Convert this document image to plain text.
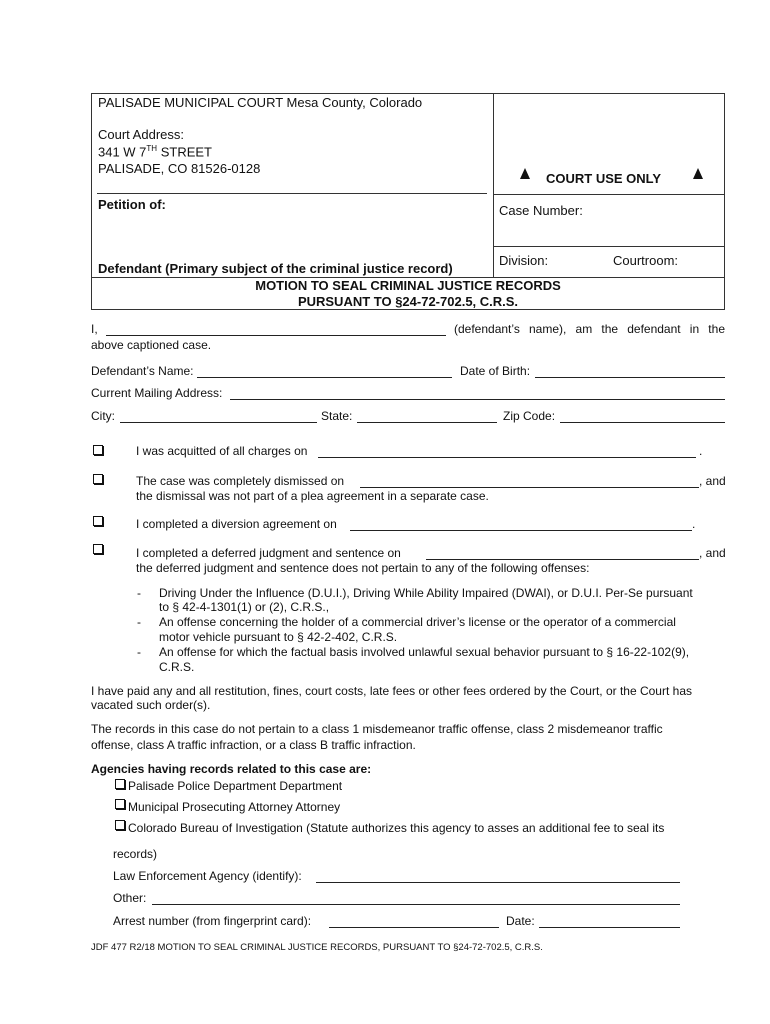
PALISADE MUNICIPAL COURT Mesa County, Colorado
Court Address:
341 W 7TH STREET
PALISADE, CO 81526-0128
Petition of:
Defendant (Primary subject of the criminal justice record)
COURT USE ONLY
Case Number:
Division:	Courtroom:
MOTION TO SEAL CRIMINAL JUSTICE RECORDS
PURSUANT TO §24-72-702.5, C.R.S.
I,	(defendant’s name), am the defendant in the
above captioned case.
Defendant’s Name:	Date of Birth:
Current Mailing Address:
City:	State:	Zip Code:
I was acquitted of all charges on	.
The case was completely dismissed on	, and
the dismissal was not part of a plea agreement in a separate case.
I completed a diversion agreement on	.
I completed a deferred judgment and sentence on	, and
the deferred judgment and sentence does not pertain to any of the following offenses:
- Driving Under the Influence (D.U.I.), Driving While Ability Impaired (DWAI), or D.U.I. Per-Se pursuant
to § 42-4-1301(1) or (2), C.R.S.,
- An offense concerning the holder of a commercial driver’s license or the operator of a commercial
motor vehicle pursuant to § 42-2-402, C.R.S.
- An offense for which the factual basis involved unlawful sexual behavior pursuant to § 16-22-102(9),
C.R.S.
I have paid any and all restitution, fines, court costs, late fees or other fees ordered by the Court, or the Court has
vacated such order(s).
The records in this case do not pertain to a class 1 misdemeanor traffic offense, class 2 misdemeanor traffic
offense, class A traffic infraction, or a class B traffic infraction.
Agencies having records related to this case are:
Palisade Police Department Department
Municipal Prosecuting Attorney Attorney
Colorado Bureau of Investigation (Statute authorizes this agency to asses an additional fee to seal its
records)
Law Enforcement Agency (identify):
Other:
Arrest number (from fingerprint card):	Date:
JDF 477 R2/18 MOTION TO SEAL CRIMINAL JUSTICE RECORDS, PURSUANT TO §24-72-702.5, C.R.S.
